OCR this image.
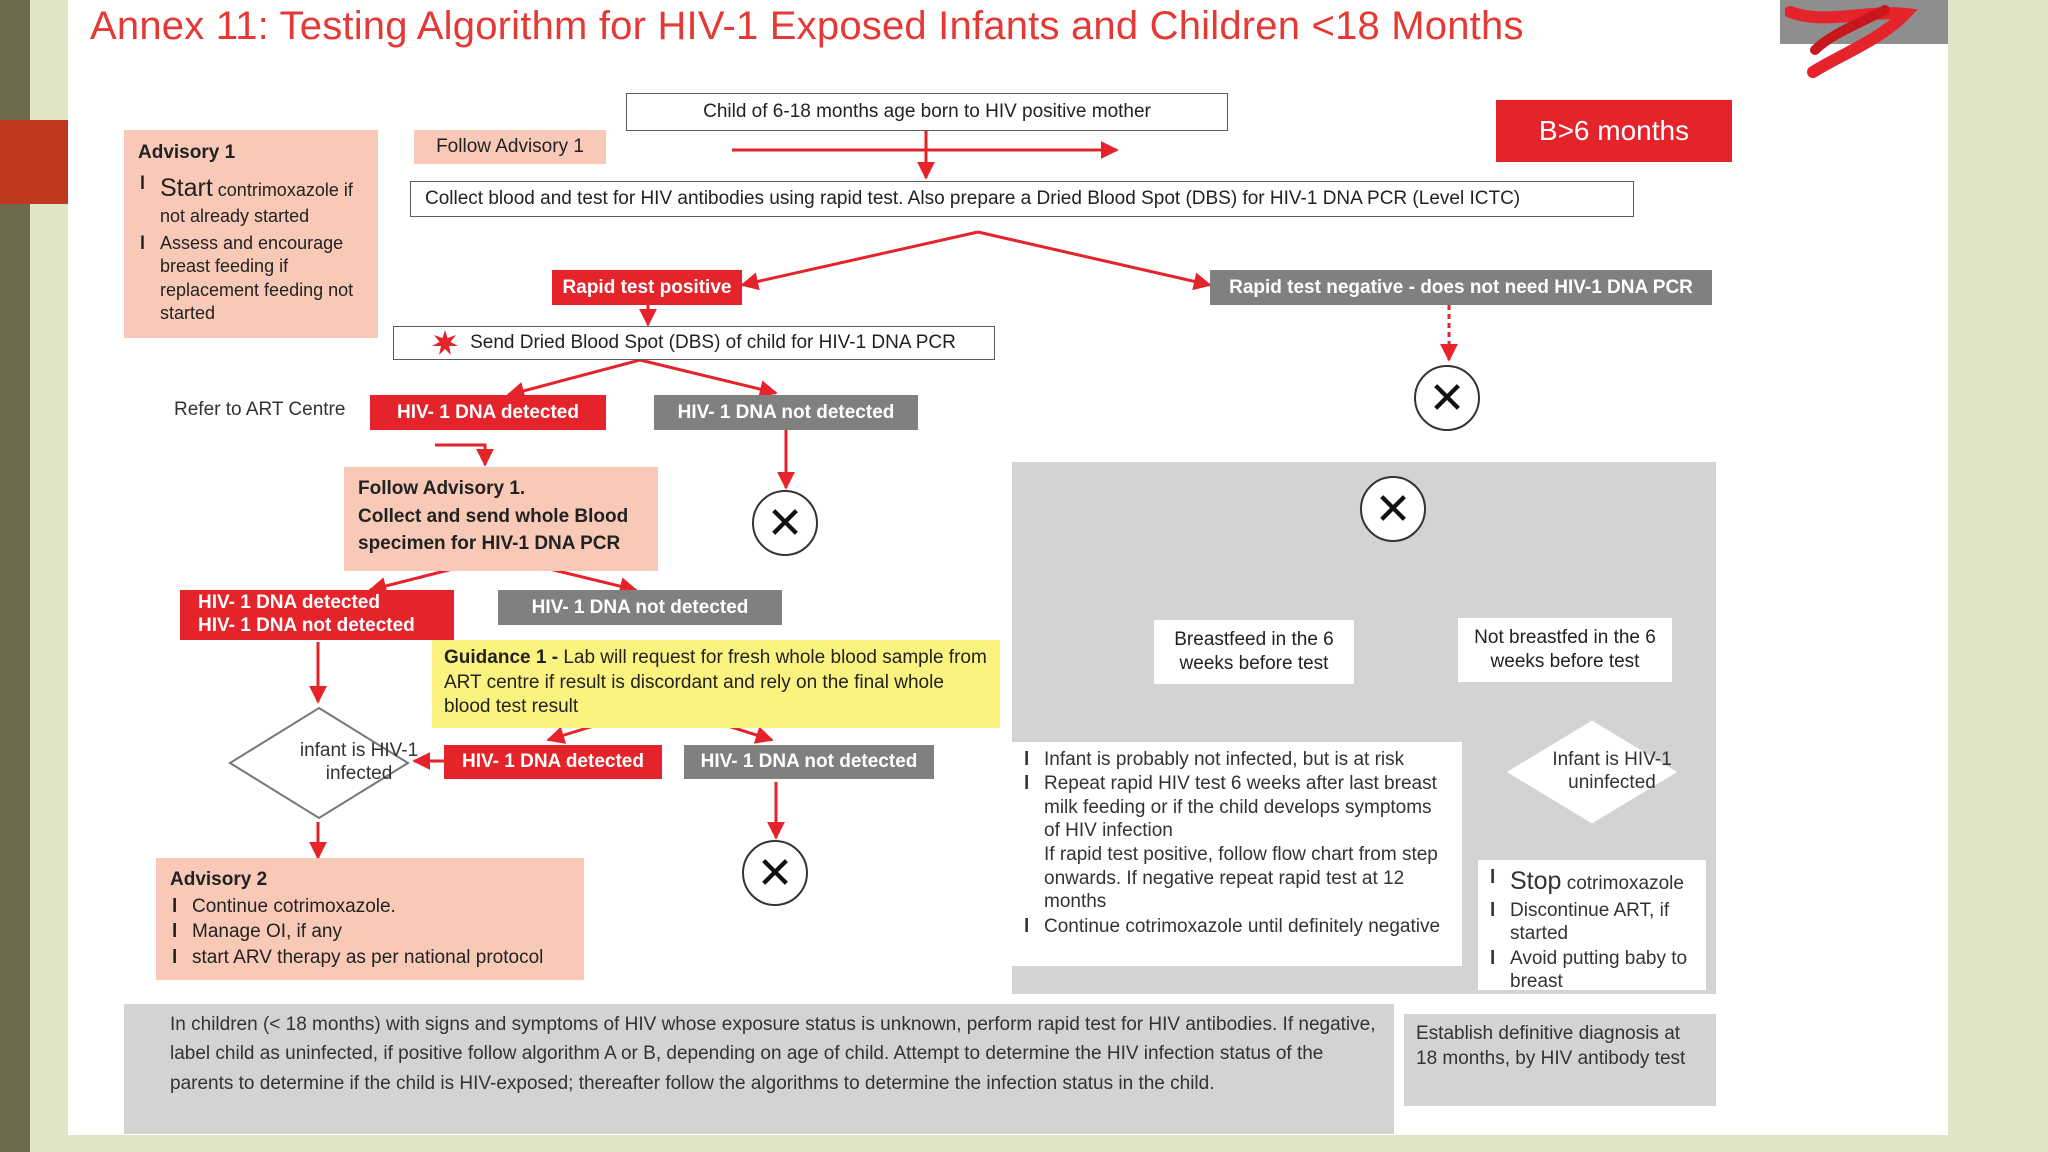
Annex 11: Testing Algorithm for HIV-1 Exposed Infants and Children <18 Months
Advisory 1
l Start contrimoxazole if not already started
l Assess and encourage breast feeding if replacement feeding not started
Follow Advisory 1
Child of 6-18 months age born to HIV positive mother
B>6 months
Collect blood and test for HIV antibodies using rapid test. Also prepare a Dried Blood Spot (DBS) for HIV-1 DNA PCR (Level ICTC)
Rapid test positive	Rapid test negative - does not need HIV-1 DNA PCR
Send Dried Blood Spot (DBS) of child for HIV-1 DNA PCR
✕
Refer to ART Centre	HIV- 1 DNA detected	HIV- 1 DNA not detected
Follow Advisory 1.
Collect and send whole Blood specimen for HIV-1 DNA PCR	✕
HIV- 1 DNA detected
HIV- 1 DNA not detected
HIV- 1 DNA not detected
Guidance 1 - Lab will request for fresh whole blood sample from ART centre if result is discordant and rely on the final whole blood test result
infant is HIV-1 infected
HIV- 1 DNA detected	HIV- 1 DNA not detected
✕
Advisory 2
l Continue cotrimoxazole.
l Manage OI, if any
l start ARV therapy as per national protocol
✕
Breastfeed in the 6 weeks before test
Not breastfed in the 6 weeks before test
l Infant is probably not infected, but is at risk
l Repeat rapid HIV test 6 weeks after last breast milk feeding or if the child develops symptoms of HIV infection
If rapid test positive, follow flow chart from step onwards. If negative repeat rapid test at 12 months
l Continue cotrimoxazole until definitely negative
Infant is HIV-1 uninfected
l Stop cotrimoxazole
l Discontinue ART, if started
l Avoid putting baby to breast
In children (< 18 months) with signs and symptoms of HIV whose exposure status is unknown, perform rapid test for HIV antibodies. If negative, label child as uninfected, if positive follow algorithm A or B, depending on age of child. Attempt to determine the HIV infection status of the parents to determine if the child is HIV-exposed; thereafter follow the algorithms to determine the infection status in the child.
Establish definitive diagnosis at 18 months, by HIV antibody test
